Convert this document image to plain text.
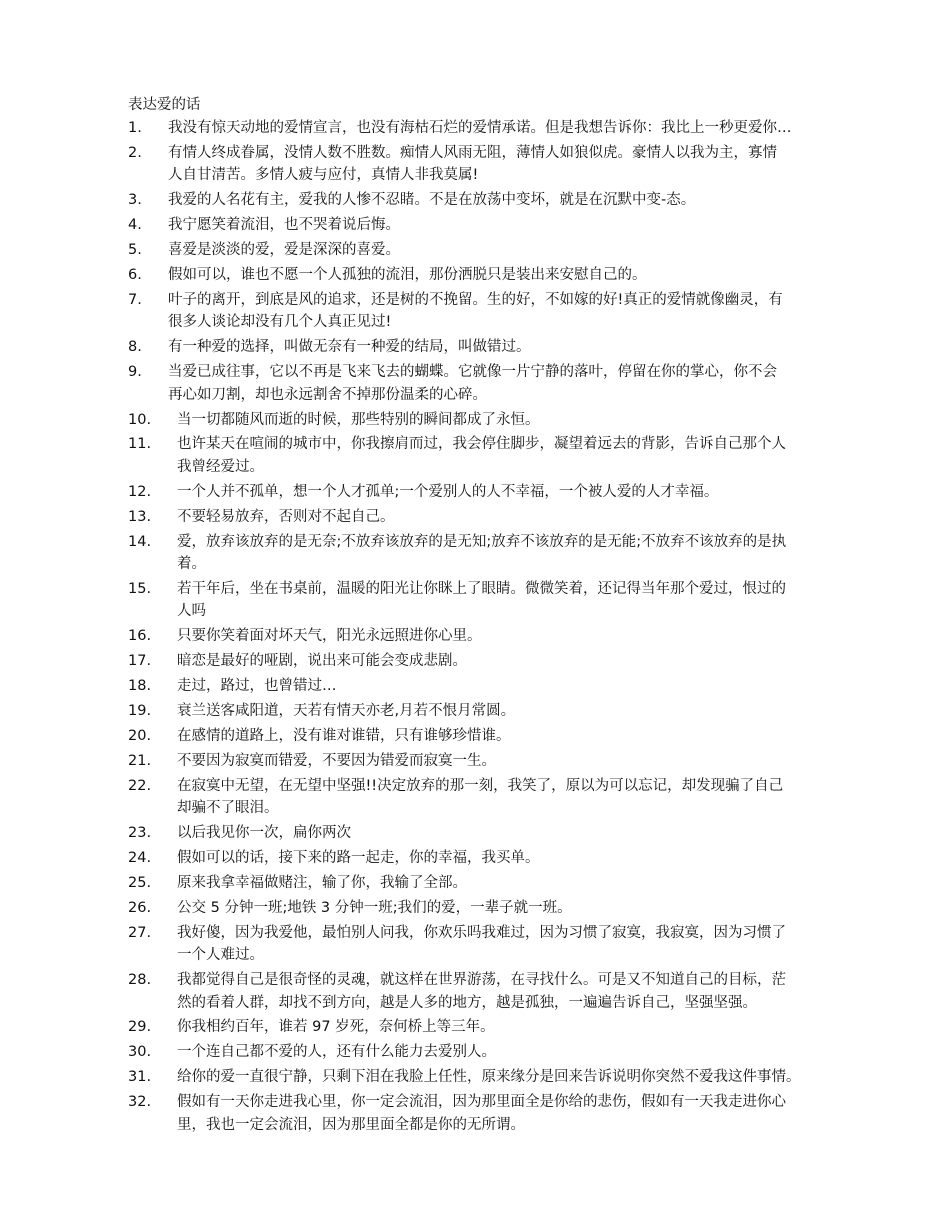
表达爱的话
1. 我没有惊天动地的爱情宣言，也没有海枯石烂的爱情承诺。但是我想告诉你：我比上一秒更爱你…
2. 有情人终成眷属，没情人数不胜数。痴情人风雨无阻，薄情人如狼似虎。豪情人以我为主，寡情
人自甘清苦。多情人疲与应付，真情人非我莫属!
3. 我爱的人名花有主，爱我的人惨不忍睹。不是在放荡中变坏，就是在沉默中变-态。
4. 我宁愿笑着流泪，也不哭着说后悔。
5. 喜爱是淡淡的爱，爱是深深的喜爱。
6. 假如可以，谁也不愿一个人孤独的流泪，那份洒脱只是装出来安慰自己的。
7. 叶子的离开，到底是风的追求，还是树的不挽留。生的好，不如嫁的好!真正的爱情就像幽灵，有
很多人谈论却没有几个人真正见过!
8. 有一种爱的选择，叫做无奈有一种爱的结局，叫做错过。
9. 当爱已成往事，它以不再是飞来飞去的蝴蝶。它就像一片宁静的落叶，停留在你的掌心，你不会
再心如刀割，却也永远割舍不掉那份温柔的心碎。
10. 当一切都随风而逝的时候，那些特别的瞬间都成了永恒。
11. 也许某天在喧闹的城市中，你我擦肩而过，我会停住脚步，凝望着远去的背影，告诉自己那个人
我曾经爱过。
12. 一个人并不孤单，想一个人才孤单;一个爱别人的人不幸福，一个被人爱的人才幸福。
13. 不要轻易放弃，否则对不起自己。
14. 爱，放弃该放弃的是无奈;不放弃该放弃的是无知;放弃不该放弃的是无能;不放弃不该放弃的是执
着。
15. 若干年后，坐在书桌前，温暖的阳光让你眯上了眼睛。微微笑着，还记得当年那个爱过，恨过的
人吗
16. 只要你笑着面对坏天气，阳光永远照进你心里。
17. 暗恋是最好的哑剧，说出来可能会变成悲剧。
18. 走过，路过，也曾错过…
19. 衰兰送客咸阳道，天若有情天亦老,月若不恨月常圆。
20. 在感情的道路上，没有谁对谁错，只有谁够珍惜谁。
21. 不要因为寂寞而错爱，不要因为错爱而寂寞一生。
22. 在寂寞中无望，在无望中坚强!!决定放弃的那一刻，我笑了，原以为可以忘记，却发现骗了自己
却骗不了眼泪。
23. 以后我见你一次，扁你两次
24. 假如可以的话，接下来的路一起走，你的幸福，我买单。
25. 原来我拿幸福做赌注，输了你，我输了全部。
26. 公交 5 分钟一班;地铁 3 分钟一班;我们的爱，一辈子就一班。
27. 我好傻，因为我爱他，最怕别人问我，你欢乐吗我难过，因为习惯了寂寞，我寂寞，因为习惯了
一个人难过。
28. 我都觉得自己是很奇怪的灵魂，就这样在世界游荡，在寻找什么。可是又不知道自己的目标，茫
然的看着人群，却找不到方向，越是人多的地方，越是孤独，一遍遍告诉自己，坚强坚强。
29. 你我相约百年，谁若 97 岁死，奈何桥上等三年。
30. 一个连自己都不爱的人，还有什么能力去爱别人。
31. 给你的爱一直很宁静，只剩下泪在我脸上任性，原来缘分是回来告诉说明你突然不爱我这件事情。
32. 假如有一天你走进我心里，你一定会流泪，因为那里面全是你给的悲伤，假如有一天我走进你心
里，我也一定会流泪，因为那里面全都是你的无所谓。
